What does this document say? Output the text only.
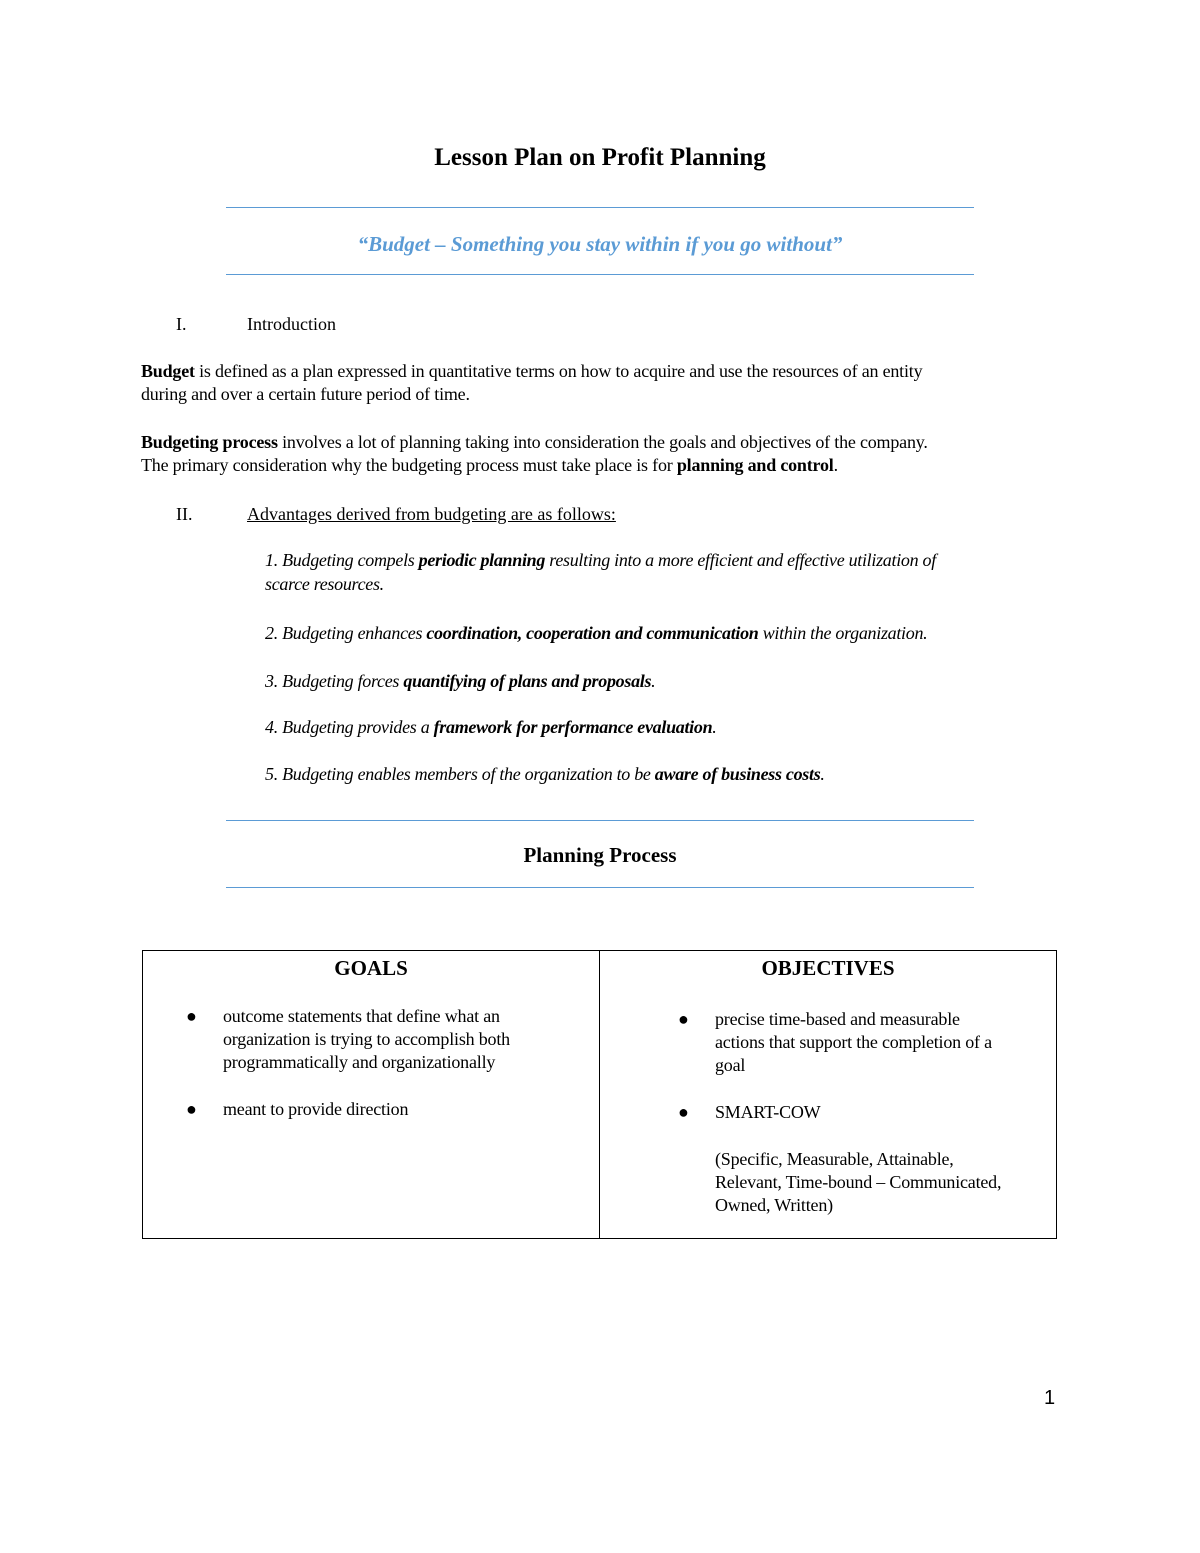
Lesson Plan on Profit Planning
“Budget – Something you stay within if you go without”
I.	Introduction
Budget is defined as a plan expressed in quantitative terms on how to acquire and use the resources of an entity
during and over a certain future period of time.
Budgeting process involves a lot of planning taking into consideration the goals and objectives of the company.
The primary consideration why the budgeting process must take place is for planning and control.
II.	Advantages derived from budgeting are as follows:
1. Budgeting compels periodic planning resulting into a more efficient and effective utilization of
scarce resources.
2. Budgeting enhances coordination, cooperation and communication within the organization.
3. Budgeting forces quantifying of plans and proposals.
4. Budgeting provides a framework for performance evaluation.
5. Budgeting enables members of the organization to be aware of business costs.
Planning Process
GOALS
● outcome statements that define what an
organization is trying to accomplish both
programmatically and organizationally
● meant to provide direction
OBJECTIVES
● precise time-based and measurable
actions that support the completion of a
goal
● SMART-COW
(Specific, Measurable, Attainable,
Relevant, Time-bound – Communicated,
Owned, Written)
1
